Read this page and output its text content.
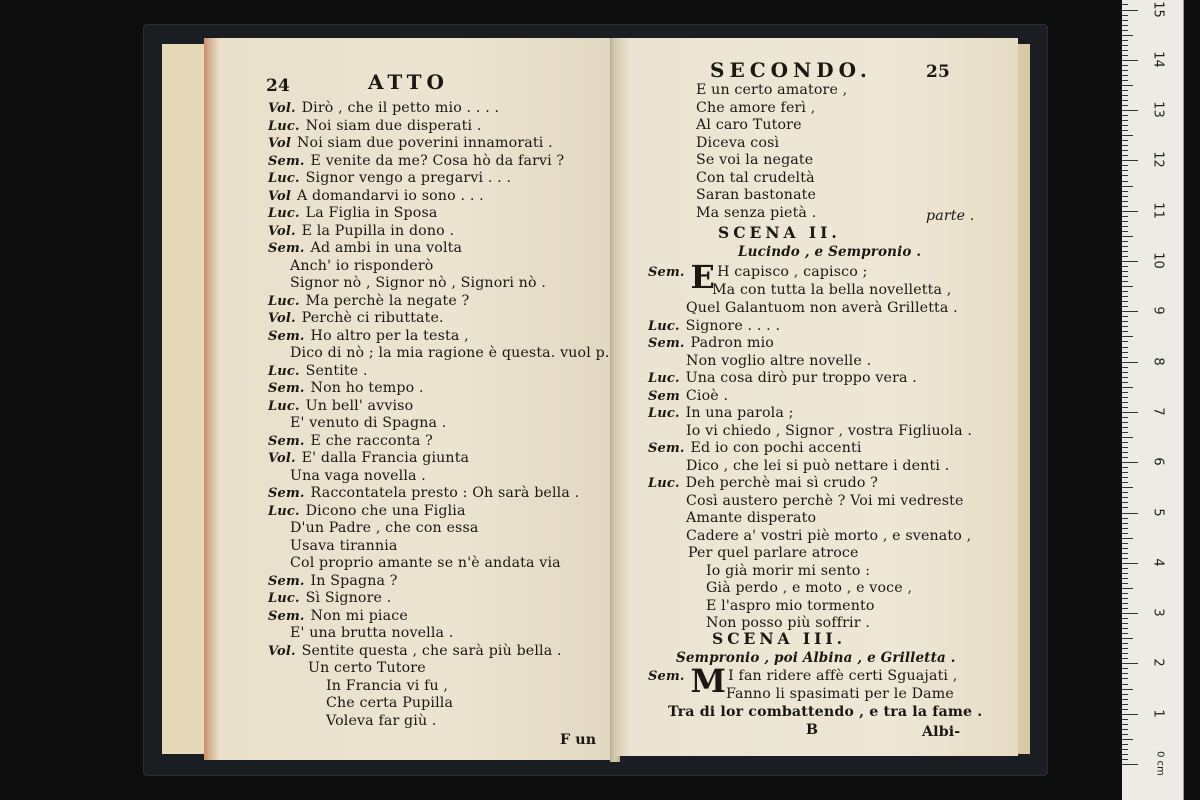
24	ATTO
Vol. Dirò , che il petto mio . . . .
Luc. Noi siam due disperati .
Vol Noi siam due poverini innamorati .
Sem. E venite da me? Cosa hò da farvi ?
Luc. Signor vengo a pregarvi . . .
Vol A domandarvi io sono . . .
Luc. La Figlia in Sposa
Vol. E la Pupilla in dono .
Sem. Ad ambi in una volta
Anch' io risponderò
Signor nò , Signor nò , Signori nò .
Luc. Ma perchè la negate ?
Vol. Perchè ci ributtate.
Sem. Ho altro per la testa ,
Dico di nò ; la mia ragione è questa. vuol p.
Luc. Sentite .
Sem. Non ho tempo .
Luc. Un bell' avviso
E' venuto di Spagna .
Sem. E che racconta ?
Vol. E' dalla Francia giunta
Una vaga novella .
Sem. Raccontatela presto : Oh sarà bella .
Luc. Dicono che una Figlia
D'un Padre , che con essa
Usava tirannia
Col proprio amante se n'è andata via
Sem. In Spagna ?
Luc. Sì Signore .
Sem. Non mi piace
E' una brutta novella .
Vol. Sentite questa , che sarà più bella .
Un certo Tutore
In Francia vi fu ,
Che certa Pupilla
Voleva far giù .
F un
SECONDO.	25
E un certo amatore ,
Che amore ferì ,
Al caro Tutore
Diceva così
Se voi la negate
Con tal crudeltà
Saran bastonate
Ma senza pietà .	parte .
SCENA II.
Lucindo , e Sempronio .
Sem. E H capisco , capisco ;
Ma con tutta la bella novelletta ,
Quel Galantuom non averà Grilletta .
Luc. Signore . . . .
Sem. Padron mio
Non voglio altre novelle .
Luc. Una cosa dirò pur troppo vera .
Sem Cioè .
Luc. In una parola ;
Io vi chiedo , Signor , vostra Figliuola .
Sem. Ed io con pochi accenti
Dico , che lei si può nettare i denti .
Luc. Deh perchè mai sì crudo ?
Così austero perchè ? Voi mi vedreste
Amante disperato
Cadere a' vostri piè morto , e svenato ,
Per quel parlare atroce
Io già morir mi sento :
Già perdo , e moto , e voce ,
E l'aspro mio tormento
Non posso più soffrir .
SCENA III.
Sempronio , poi Albina , e Grilletta .
Sem. M I fan ridere affè certi Sguajati ,
Fanno li spasimati per le Dame
Tra di lor combattendo , e tra la fame .
B	Albi-
1
2
3
4
5
6
7
8
9
10
11
12
13
14
15
0 cm
